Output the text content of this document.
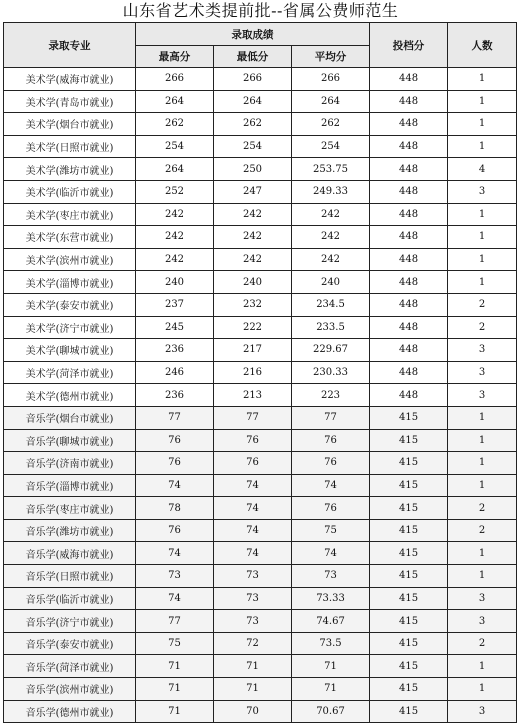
山东省艺术类提前批--省属公费师范生
录取专业	录取成绩			投档分	人数
	最高分	最低分	平均分		
美术学(威海市就业)	266	266	266	448	1
美术学(青岛市就业)	264	264	264	448	1
美术学(烟台市就业)	262	262	262	448	1
美术学(日照市就业)	254	254	254	448	1
美术学(潍坊市就业)	264	250	253.75	448	4
美术学(临沂市就业)	252	247	249.33	448	3
美术学(枣庄市就业)	242	242	242	448	1
美术学(东营市就业)	242	242	242	448	1
美术学(滨州市就业)	242	242	242	448	1
美术学(淄博市就业)	240	240	240	448	1
美术学(泰安市就业)	237	232	234.5	448	2
美术学(济宁市就业)	245	222	233.5	448	2
美术学(聊城市就业)	236	217	229.67	448	3
美术学(菏泽市就业)	246	216	230.33	448	3
美术学(德州市就业)	236	213	223	448	3
音乐学(烟台市就业)	77	77	77	415	1
音乐学(聊城市就业)	76	76	76	415	1
音乐学(济南市就业)	76	76	76	415	1
音乐学(淄博市就业)	74	74	74	415	1
音乐学(枣庄市就业)	78	74	76	415	2
音乐学(潍坊市就业)	76	74	75	415	2
音乐学(威海市就业)	74	74	74	415	1
音乐学(日照市就业)	73	73	73	415	1
音乐学(临沂市就业)	74	73	73.33	415	3
音乐学(济宁市就业)	77	73	74.67	415	3
音乐学(泰安市就业)	75	72	73.5	415	2
音乐学(菏泽市就业)	71	71	71	415	1
音乐学(滨州市就业)	71	71	71	415	1
音乐学(德州市就业)	71	70	70.67	415	3
